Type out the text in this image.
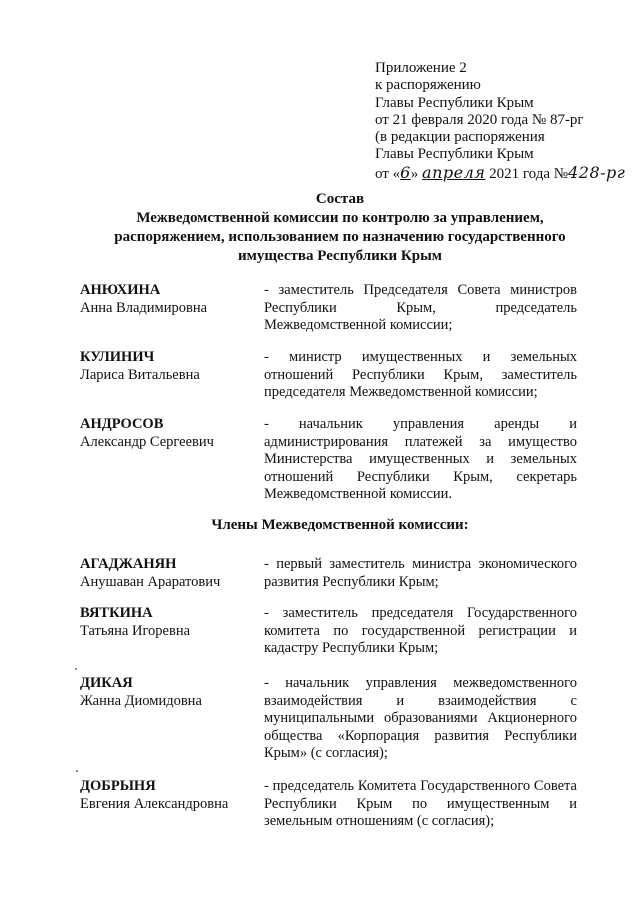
Приложение 2
к распоряжению
Главы Республики Крым
от 21 февраля 2020 года № 87-рг
(в редакции распоряжения
Главы Республики Крым
от «6» апреля 2021 года №428-рг
Состав
Межведомственной комиссии по контролю за управлением,
распоряжением, использованием по назначению государственного
имущества Республики Крым
АНЮХИНА
Анна Владимировна
- заместитель Председателя Совета министров Республики Крым, председатель Межведомственной комиссии;
КУЛИНИЧ
Лариса Витальевна
- министр имущественных и земельных отношений Республики Крым, заместитель председателя Межведомственной комиссии;
АНДРОСОВ
Александр Сергеевич
- начальник управления аренды и администрирования платежей за имущество Министерства имущественных и земельных отношений Республики Крым, секретарь Межведомственной комиссии.
Члены Межведомственной комиссии:
АГАДЖАНЯН
Анушаван Араратович
- первый заместитель министра экономического развития Республики Крым;
ВЯТКИНА
Татьяна Игоревна
- заместитель председателя Государственного комитета по государственной регистрации и кадастру Республики Крым;
ДИКАЯ
Жанна Диомидовна
- начальник управления межведомственного взаимодействия и взаимодействия с муниципальными образованиями Акционерного общества «Корпорация развития Республики Крым» (с согласия);
ДОБРЫНЯ
Евгения Александровна
- председатель Комитета Государственного Совета Республики Крым по имущественным и земельным отношениям (с согласия);
